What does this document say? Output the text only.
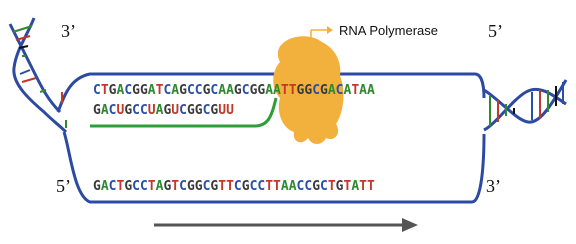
3’	5’
5’	3’
RNA Polymerase
CTGACGGATCAGCCGCAAGCGGAATTGGCGACATAA
GACUGCCUAGUCGGCGUU
GACTGCCTAGTCGGCGTTCGCCTTAACCGCTGTATT
